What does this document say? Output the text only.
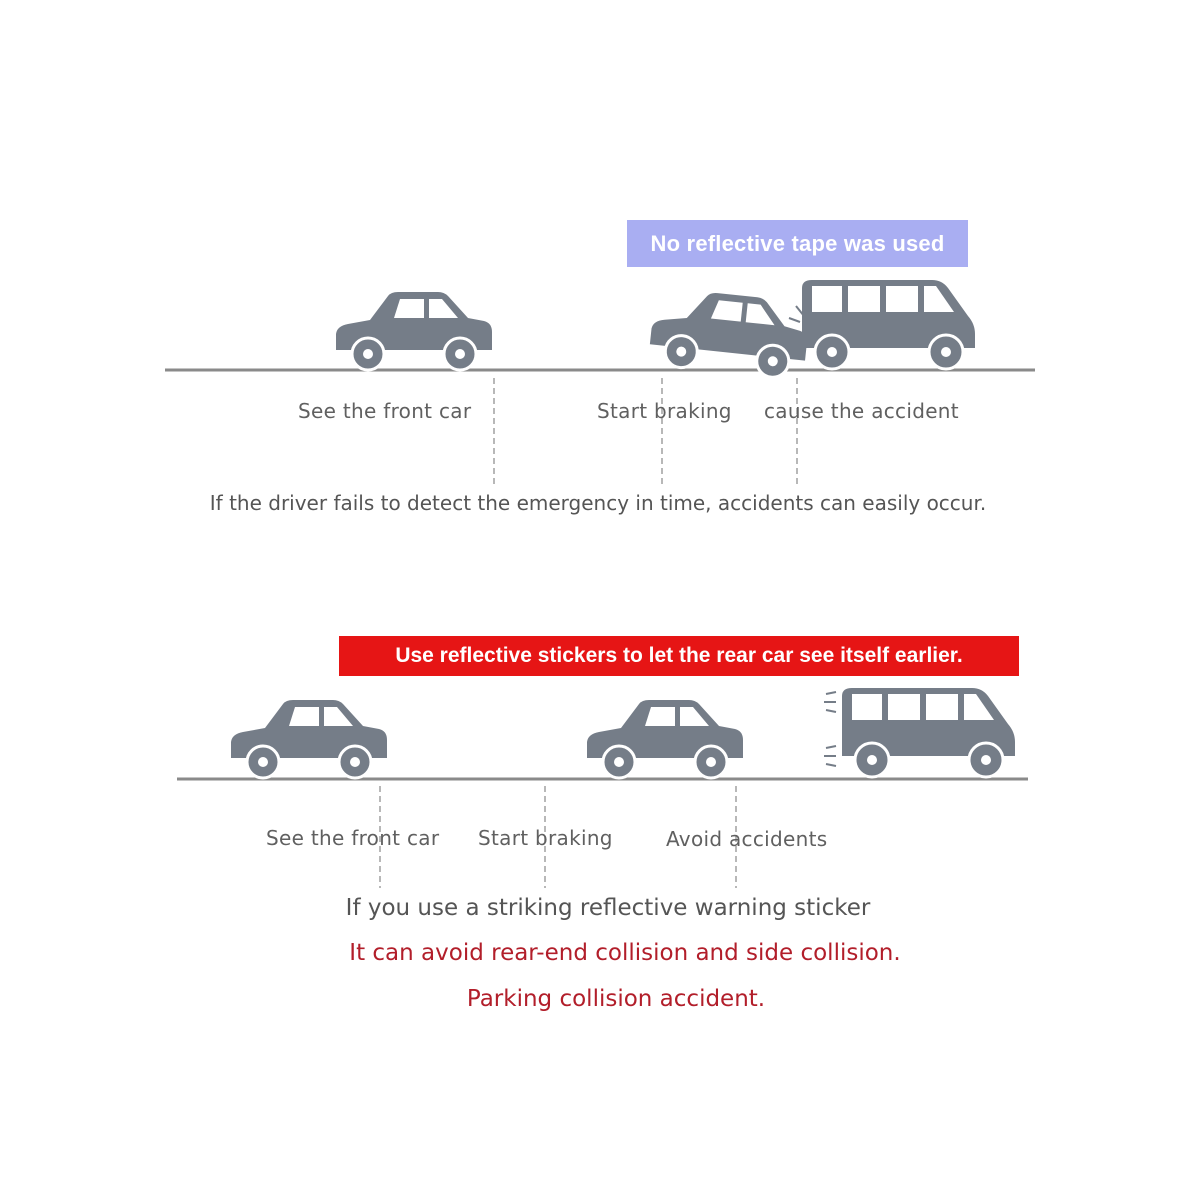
No reflective tape was used
Use reflective stickers to let the rear car see itself earlier.
See the front car	Start braking cause the accident
If the driver fails to detect the emergency in time, accidents can easily occur.
See the front car Start braking	Avoid accidents
If you use a striking reflective warning sticker
It can avoid rear-end collision and side collision.
Parking collision accident.
